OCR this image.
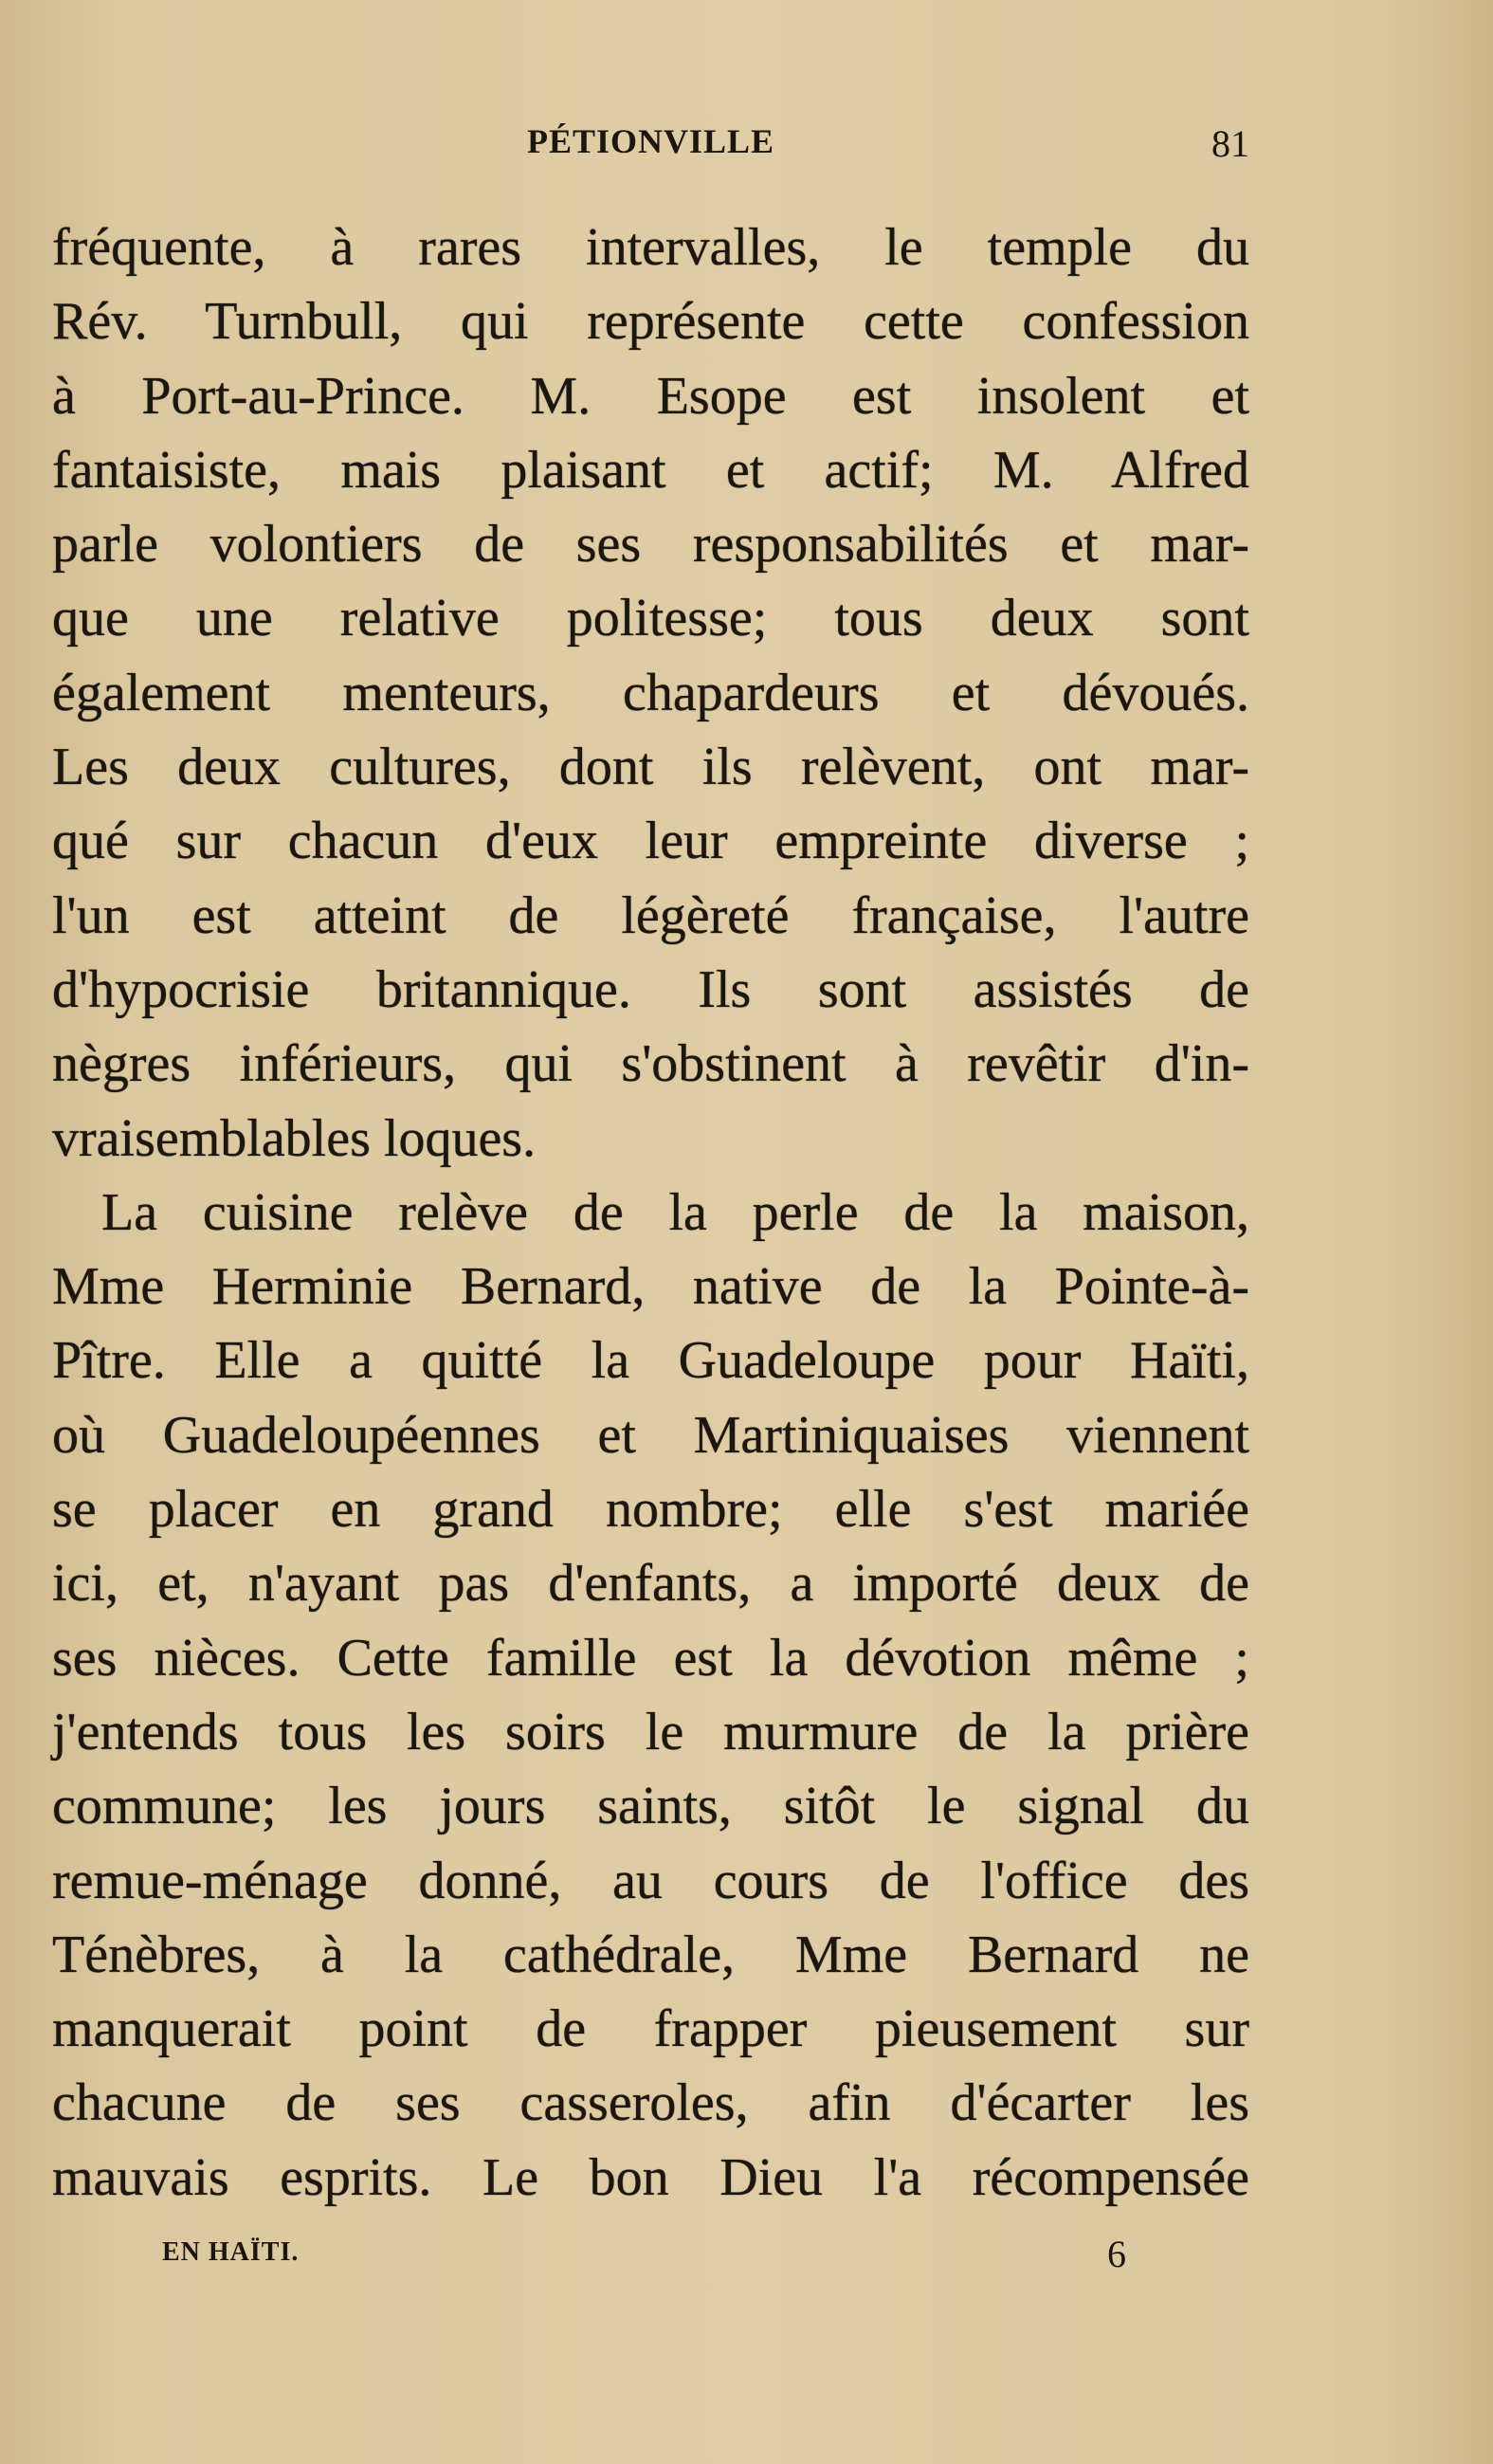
PÉTIONVILLE	81
fréquente, à rares intervalles, le temple du
Rév. Turnbull, qui représente cette confession
à Port-au-Prince. M. Esope est insolent et
fantaisiste, mais plaisant et actif; M. Alfred
parle volontiers de ses responsabilités et mar-
que une relative politesse; tous deux sont
également menteurs, chapardeurs et dévoués.
Les deux cultures, dont ils relèvent, ont mar-
qué sur chacun d'eux leur empreinte diverse ;
l'un est atteint de légèreté française, l'autre
d'hypocrisie britannique. Ils sont assistés de
nègres inférieurs, qui s'obstinent à revêtir d'in-
vraisemblables loques.
La cuisine relève de la perle de la maison,
Mme Herminie Bernard, native de la Pointe-à-
Pître. Elle a quitté la Guadeloupe pour Haïti,
où Guadeloupéennes et Martiniquaises viennent
se placer en grand nombre; elle s'est mariée
ici, et, n'ayant pas d'enfants, a importé deux de
ses nièces. Cette famille est la dévotion même ;
j'entends tous les soirs le murmure de la prière
commune; les jours saints, sitôt le signal du
remue-ménage donné, au cours de l'office des
Ténèbres, à la cathédrale, Mme Bernard ne
manquerait point de frapper pieusement sur
chacune de ses casseroles, afin d'écarter les
mauvais esprits. Le bon Dieu l'a récompensée
EN HAÏTI.	6
